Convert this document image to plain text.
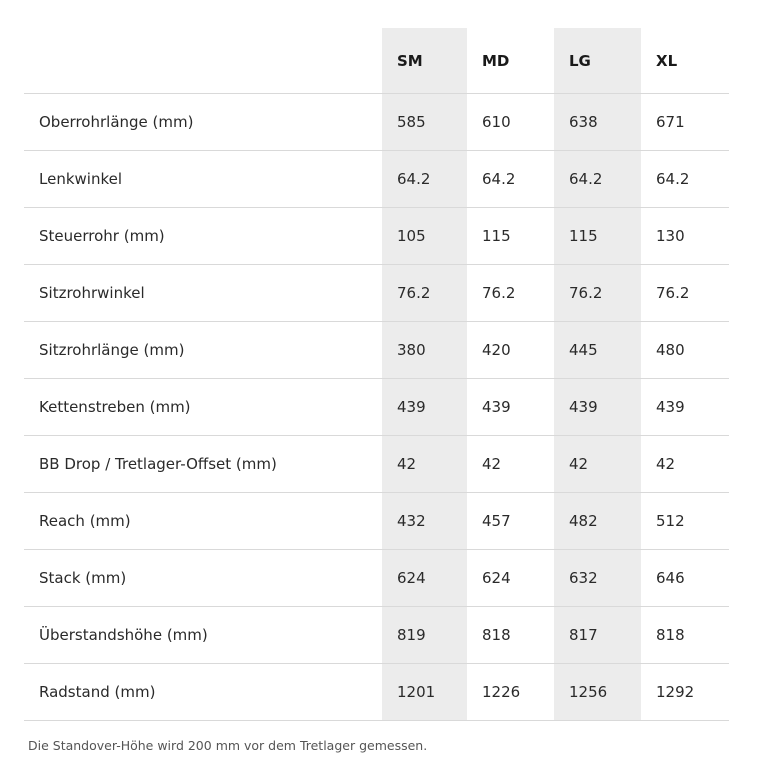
	SM	MD	LG	XL
Oberrohrlänge (mm)	585	610	638	671
Lenkwinkel	64.2	64.2	64.2	64.2
Steuerrohr (mm)	105	115	115	130
Sitzrohrwinkel	76.2	76.2	76.2	76.2
Sitzrohrlänge (mm)	380	420	445	480
Kettenstreben (mm)	439	439	439	439
BB Drop / Tretlager-Offset (mm)	42	42	42	42
Reach (mm)	432	457	482	512
Stack (mm)	624	624	632	646
Überstandshöhe (mm)	819	818	817	818
Radstand (mm)	1201	1226	1256	1292
Die Standover-Höhe wird 200 mm vor dem Tretlager gemessen.
